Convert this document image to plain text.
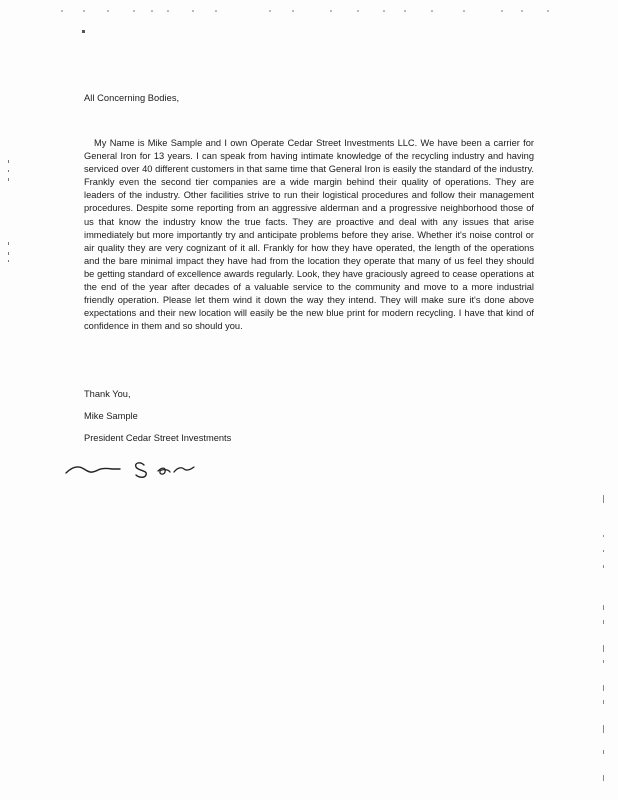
All Concerning Bodies,

My Name is Mike Sample and I own Operate Cedar Street Investments LLC. We have been a carrier for General Iron for 13 years. I can speak from having intimate knowledge of the recycling industry and having serviced over 40 different customers in that same time that General Iron is easily the standard of the industry. Frankly even the second tier companies are a wide margin behind their quality of operations. They are leaders of the industry. Other facilities strive to run their logistical procedures and follow their management procedures. Despite some reporting from an aggressive alderman and a progressive neighborhood those of us that know the industry know the true facts. They are proactive and deal with any issues that arise immediately but more importantly try and anticipate problems before they arise. Whether it's noise control or air quality they are very cognizant of it all. Frankly for how they have operated, the length of the operations and the bare minimal impact they have had from the location they operate that many of us feel they should be getting standard of excellence awards regularly. Look, they have graciously agreed to cease operations at the end of the year after decades of a valuable service to the community and move to a more industrial friendly operation. Please let them wind it down the way they intend. They will make sure it's done above expectations and their new location will easily be the new blue print for modern recycling. I have that kind of confidence in them and so should you.

Thank You,
Mike Sample
President Cedar Street Investments
